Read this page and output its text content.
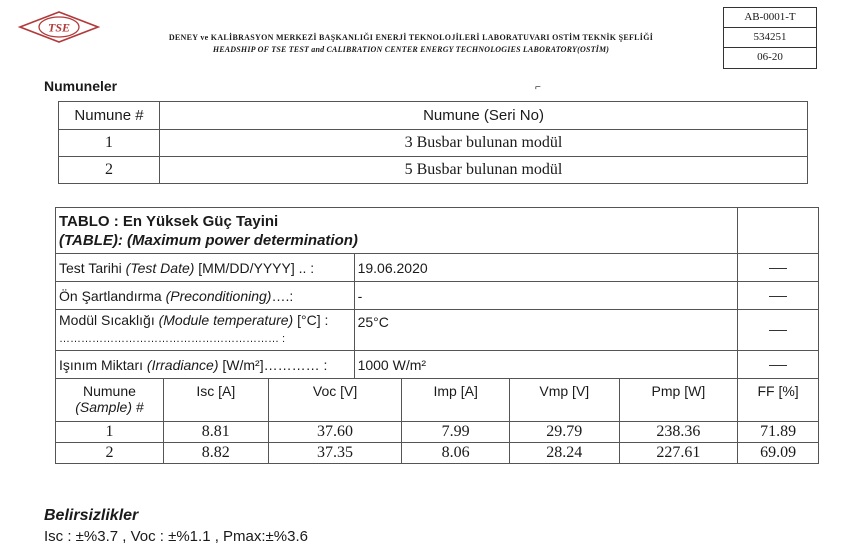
TSE
DENEY ve KALİBRASYON MERKEZİ BAŞKANLIĞI ENERJİ TEKNOLOJİLERİ LABORATUVARI OSTİM TEKNİK ŞEFLİĞİ
HEADSHIP OF TSE TEST and CALIBRATION CENTER ENERGY TECHNOLOGIES LABORATORY(OSTİM)
AB-0001-T
534251
06-20
Numuneler	⌐
Numune #	Numune (Seri No)
1	3 Busbar bulunan modül
2	5 Busbar bulunan modül
TABLO : En Yüksek Güç Tayini							
(TABLE): (Maximum power determination)							
Test Tarihi (Test Date) [MM/DD/YYYY] .. :			19.06.2020	
Ön Şartlandırma (Preconditioning)….:			-	
Modül Sıcaklığı (Module temperature) [°C] :
…………………………………………………… :			25°C	
Işınım Miktarı (Irradiance) [W/m²]………… :			1000 W/m²	
Numune
(Sample) #	Isc [A]	Voc [V]		Imp [A]	Vmp [V]	Pmp [W]	FF [%]
1	8.81	37.60		7.99	29.79	238.36	71.89
2	8.82	37.35		8.06	28.24	227.61	69.09
Belirsizlikler
Isc : ±%3.7 , Voc : ±%1.1 , Pmax:±%3.6
